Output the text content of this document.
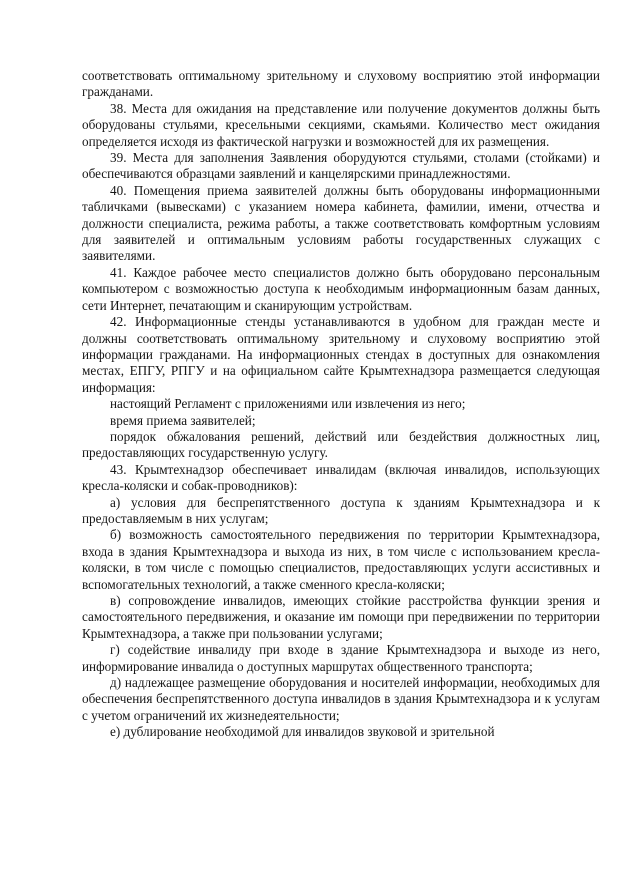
соответствовать оптимальному зрительному и слуховому восприятию этой информации гражданами.

38. Места для ожидания на представление или получение документов должны быть оборудованы стульями, кресельными секциями, скамьями. Количество мест ожидания определяется исходя из фактической нагрузки и возможностей для их размещения.

39. Места для заполнения Заявления оборудуются стульями, столами (стойками) и обеспечиваются образцами заявлений и канцелярскими принадлежностями.

40. Помещения приема заявителей должны быть оборудованы информационными табличками (вывесками) с указанием номера кабинета, фамилии, имени, отчества и должности специалиста, режима работы, а также соответствовать комфортным условиям для заявителей и оптимальным условиям работы государственных служащих с заявителями.

41. Каждое рабочее место специалистов должно быть оборудовано персональным компьютером с возможностью доступа к необходимым информационным базам данных, сети Интернет, печатающим и сканирующим устройствам.

42. Информационные стенды устанавливаются в удобном для граждан месте и должны соответствовать оптимальному зрительному и слуховому восприятию этой информации гражданами. На информационных стендах в доступных для ознакомления местах, ЕПГУ, РПГУ и на официальном сайте Крымтехнадзора размещается следующая информация:

настоящий Регламент с приложениями или извлечения из него;

время приема заявителей;

порядок обжалования решений, действий или бездействия должностных лиц, предоставляющих государственную услугу.

43. Крымтехнадзор обеспечивает инвалидам (включая инвалидов, использующих кресла-коляски и собак-проводников):

а) условия для беспрепятственного доступа к зданиям Крымтехнадзора и к предоставляемым в них услугам;

б) возможность самостоятельного передвижения по территории Крымтехнадзора, входа в здания Крымтехнадзора и выхода из них, в том числе с использованием кресла-коляски, в том числе с помощью специалистов, предоставляющих услуги ассистивных и вспомогательных технологий, а также сменного кресла-коляски;

в) сопровождение инвалидов, имеющих стойкие расстройства функции зрения и самостоятельного передвижения, и оказание им помощи при передвижении по территории Крымтехнадзора, а также при пользовании услугами;

г) содействие инвалиду при входе в здание Крымтехнадзора и выходе из него, информирование инвалида о доступных маршрутах общественного транспорта;

д) надлежащее размещение оборудования и носителей информации, необходимых для обеспечения беспрепятственного доступа инвалидов в здания Крымтехнадзора и к услугам с учетом ограничений их жизнедеятельности;

е) дублирование необходимой для инвалидов звуковой и зрительной
